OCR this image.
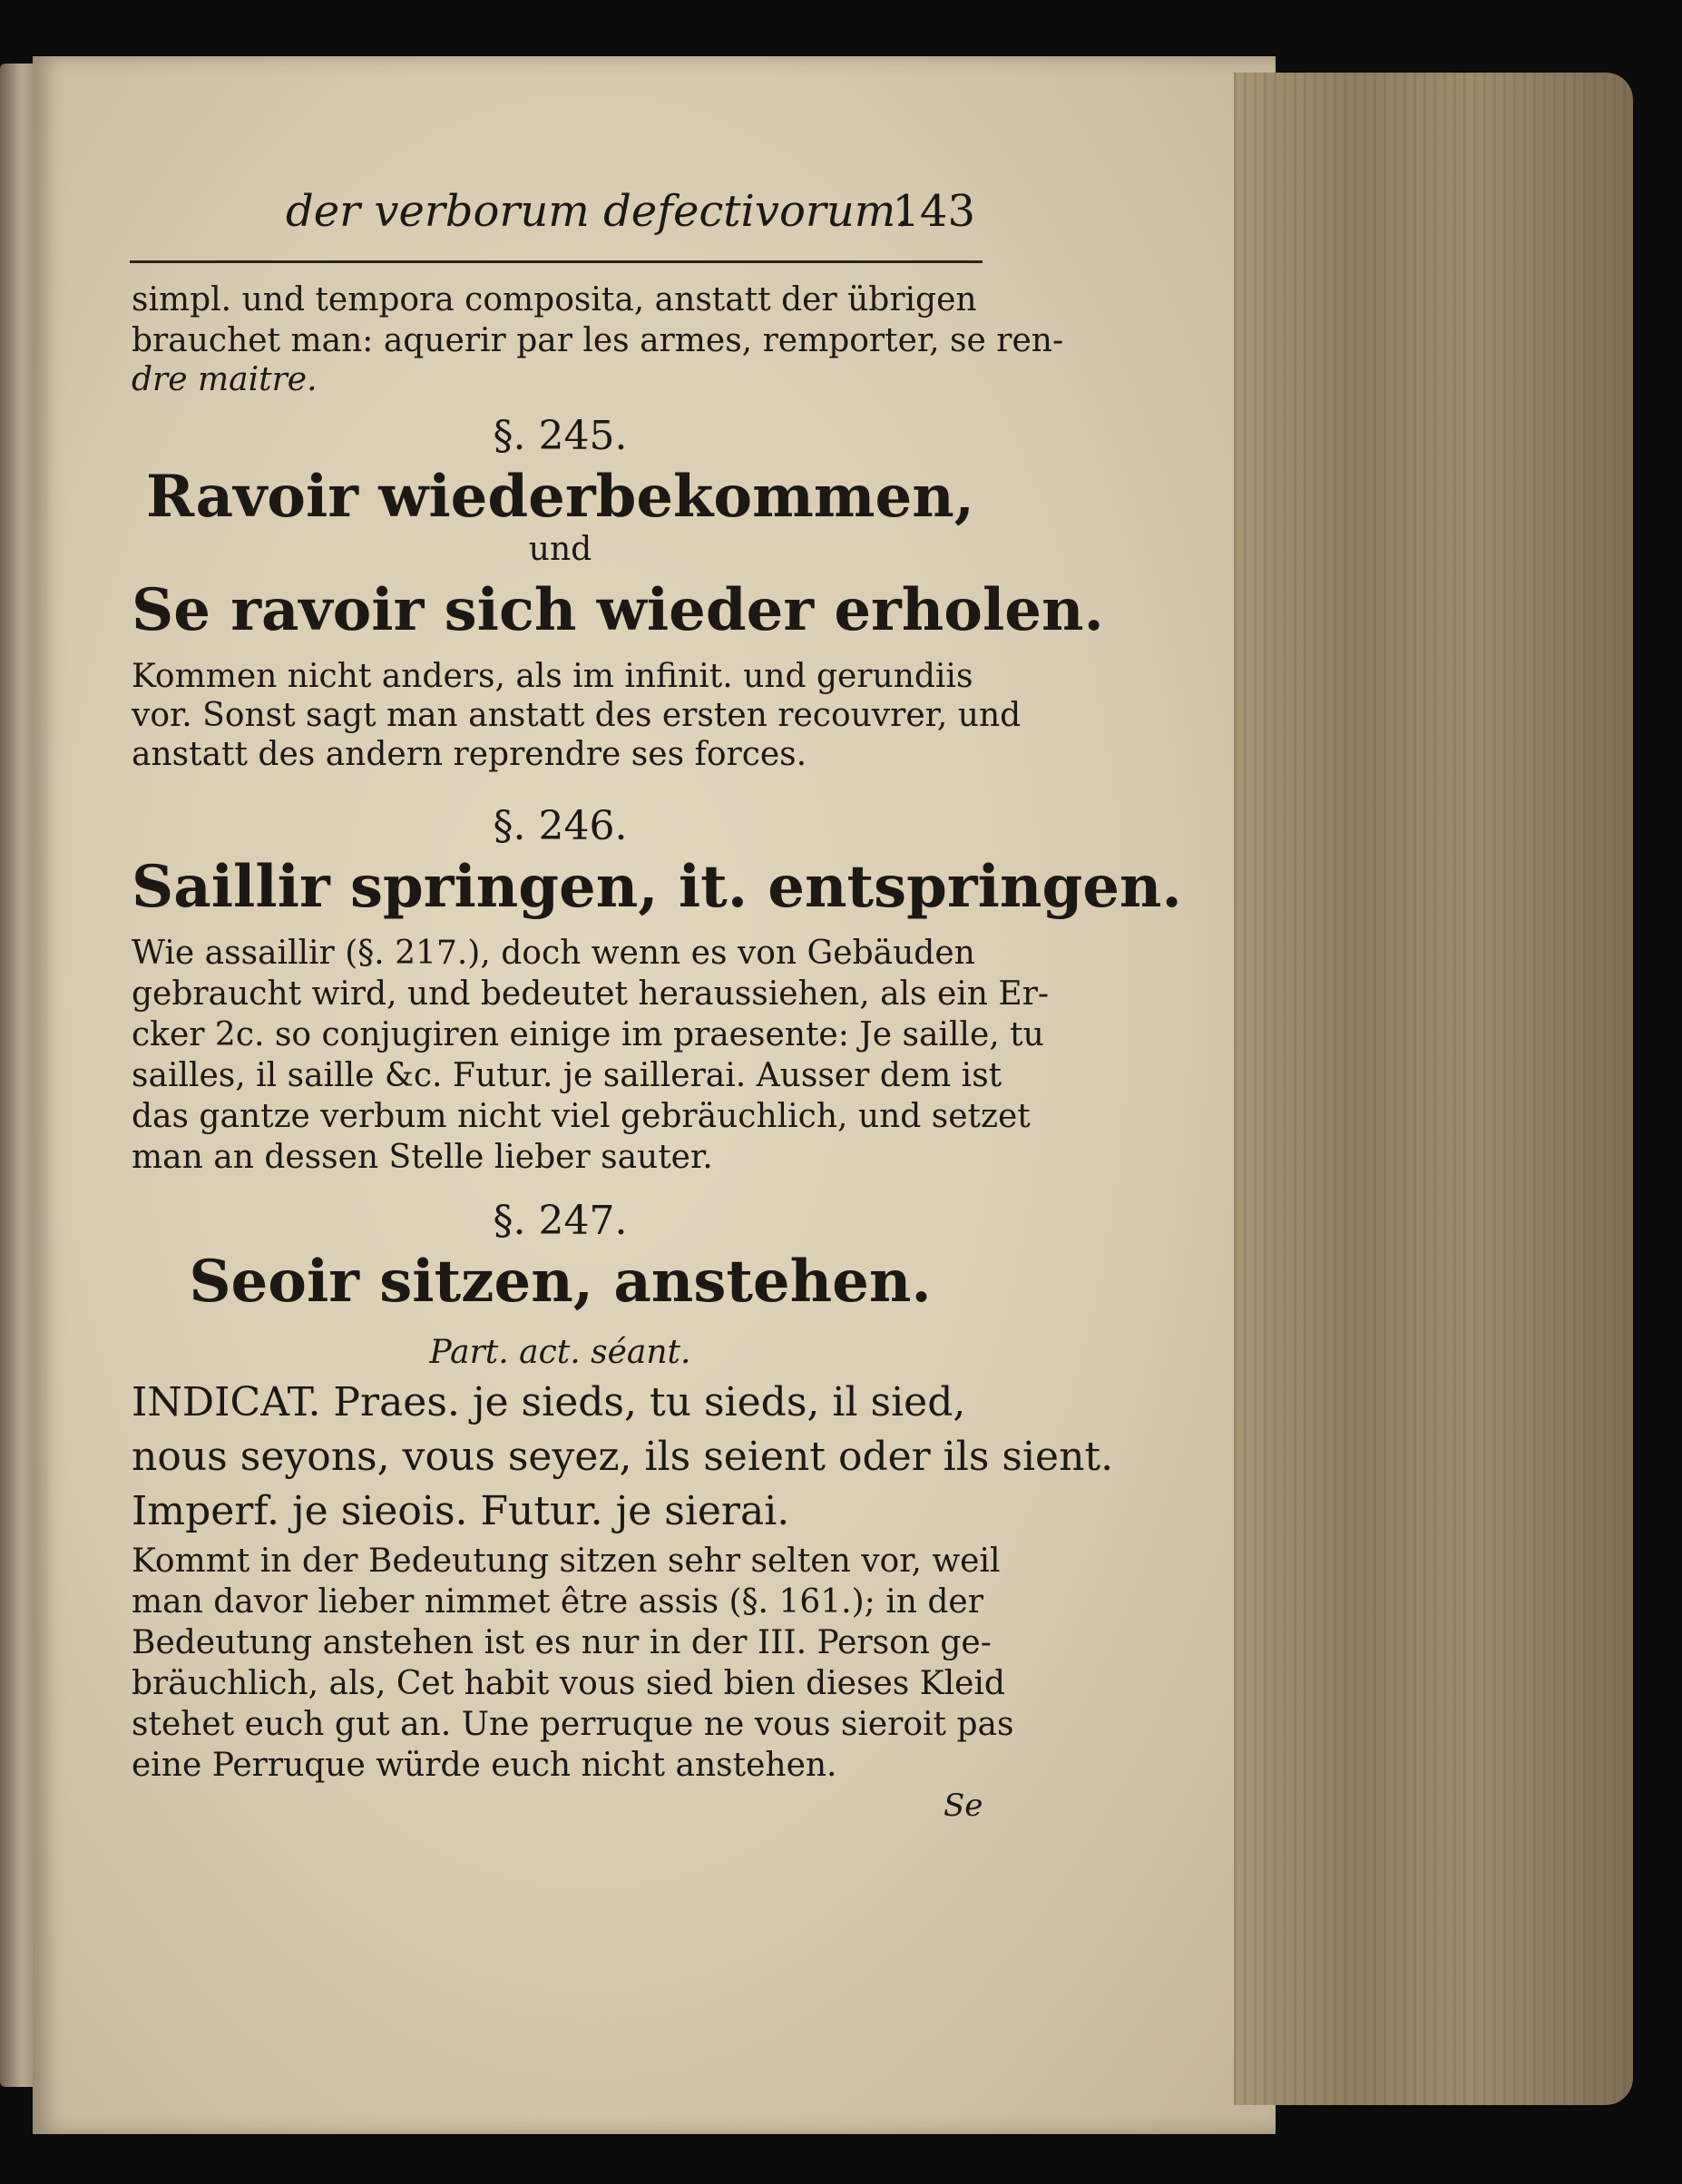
der verborum defectivorum.
143
simpl. und tempora composita, anstatt der übrigen
brauchet man: aquerir par les armes, remporter, se ren-
dre maitre.
§. 245.
Ravoir wiederbekommen,
und
Se ravoir sich wieder erholen.
Kommen nicht anders, als im infinit. und gerundiis
vor. Sonst sagt man anstatt des ersten recouvrer, und
anstatt des andern reprendre ses forces.
§. 246.
Saillir springen, it. entspringen.
Wie assaillir (§. 217.), doch wenn es von Gebäuden
gebraucht wird, und bedeutet heraussiehen, als ein Er-
cker 2c. so conjugiren einige im praesente: Je saille, tu
sailles, il saille &c. Futur. je saillerai. Ausser dem ist
das gantze verbum nicht viel gebräuchlich, und setzet
man an dessen Stelle lieber sauter.
§. 247.
Seoir sitzen, anstehen.
Part. act. séant.
INDICAT. Praes. je sieds, tu sieds, il sied,
nous seyons, vous seyez, ils seient oder ils sient.
Imperf. je sieois. Futur. je sierai.
Kommt in der Bedeutung sitzen sehr selten vor, weil
man davor lieber nimmet être assis (§. 161.); in der
Bedeutung anstehen ist es nur in der III. Person ge-
bräuchlich, als, Cet habit vous sied bien dieses Kleid
stehet euch gut an. Une perruque ne vous sieroit pas
eine Perruque würde euch nicht anstehen.
Se
